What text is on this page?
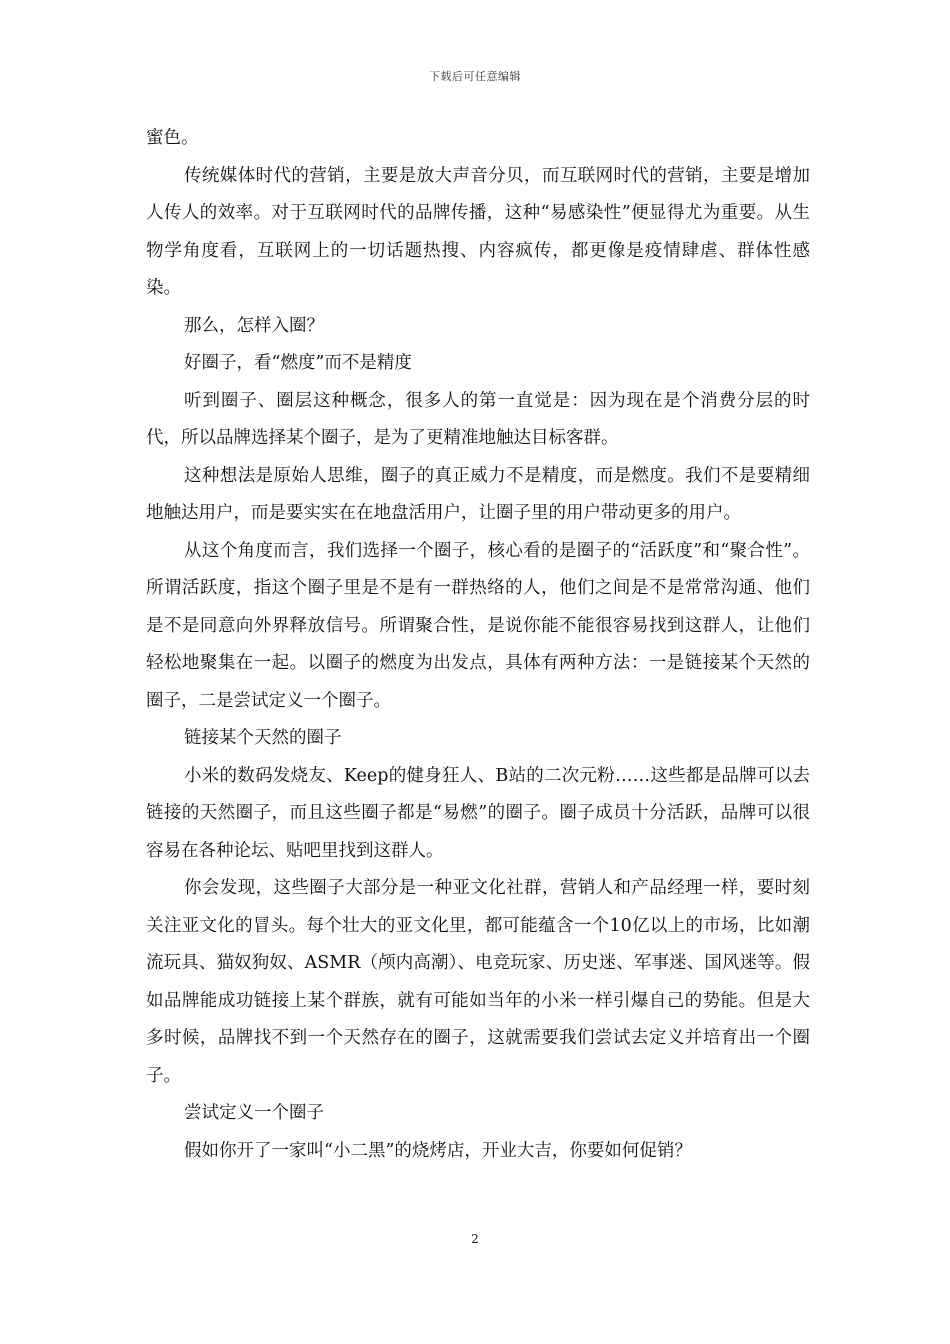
下载后可任意编辑

蜜色。

传统媒体时代的营销，主要是放大声音分贝，而互联网时代的营销，主要是增加人传人的效率。对于互联网时代的品牌传播，这种“易感染性”便显得尤为重要。从生物学角度看，互联网上的一切话题热搜、内容疯传，都更像是疫情肆虐、群体性感染。

那么，怎样入圈？

好圈子，看“燃度”而不是精度

听到圈子、圈层这种概念，很多人的第一直觉是：因为现在是个消费分层的时代，所以品牌选择某个圈子，是为了更精准地触达目标客群。

这种想法是原始人思维，圈子的真正威力不是精度，而是燃度。我们不是要精细地触达用户，而是要实实在在地盘活用户，让圈子里的用户带动更多的用户。

从这个角度而言，我们选择一个圈子，核心看的是圈子的“活跃度”和“聚合性”。所谓活跃度，指这个圈子里是不是有一群热络的人，他们之间是不是常常沟通、他们是不是同意向外界释放信号。所谓聚合性，是说你能不能很容易找到这群人，让他们轻松地聚集在一起。以圈子的燃度为出发点，具体有两种方法：一是链接某个天然的圈子，二是尝试定义一个圈子。

链接某个天然的圈子

小米的数码发烧友、Keep的健身狂人、B站的二次元粉……这些都是品牌可以去链接的天然圈子，而且这些圈子都是“易燃”的圈子。圈子成员十分活跃，品牌可以很容易在各种论坛、贴吧里找到这群人。

你会发现，这些圈子大部分是一种亚文化社群，营销人和产品经理一样，要时刻关注亚文化的冒头。每个壮大的亚文化里，都可能蕴含一个10亿以上的市场，比如潮流玩具、猫奴狗奴、ASMR（颅内高潮）、电竞玩家、历史迷、军事迷、国风迷等。假如品牌能成功链接上某个群族，就有可能如当年的小米一样引爆自己的势能。但是大多时候，品牌找不到一个天然存在的圈子，这就需要我们尝试去定义并培育出一个圈子。

尝试定义一个圈子

假如你开了一家叫“小二黑”的烧烤店，开业大吉，你要如何促销？

2
